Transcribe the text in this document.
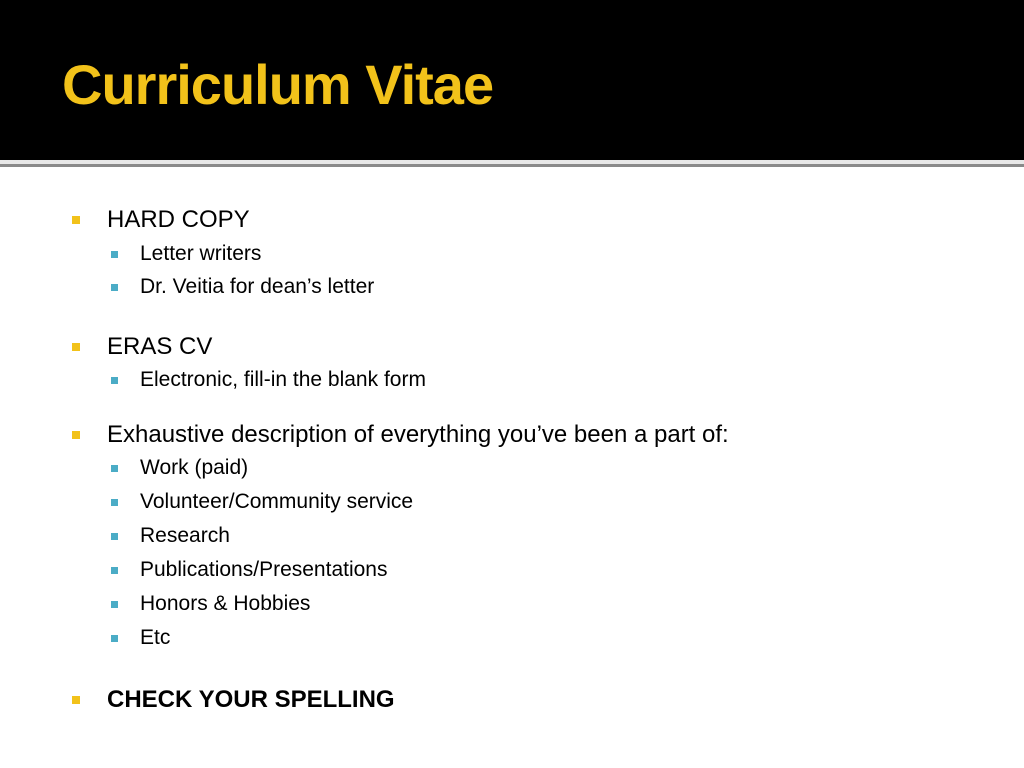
Curriculum Vitae
HARD COPY
Letter writers
Dr. Veitia for dean’s letter
ERAS CV
Electronic, fill-in the blank form
Exhaustive description of everything you’ve been a part of:
Work (paid)
Volunteer/Community service
Research
Publications/Presentations
Honors & Hobbies
Etc
CHECK YOUR SPELLING
